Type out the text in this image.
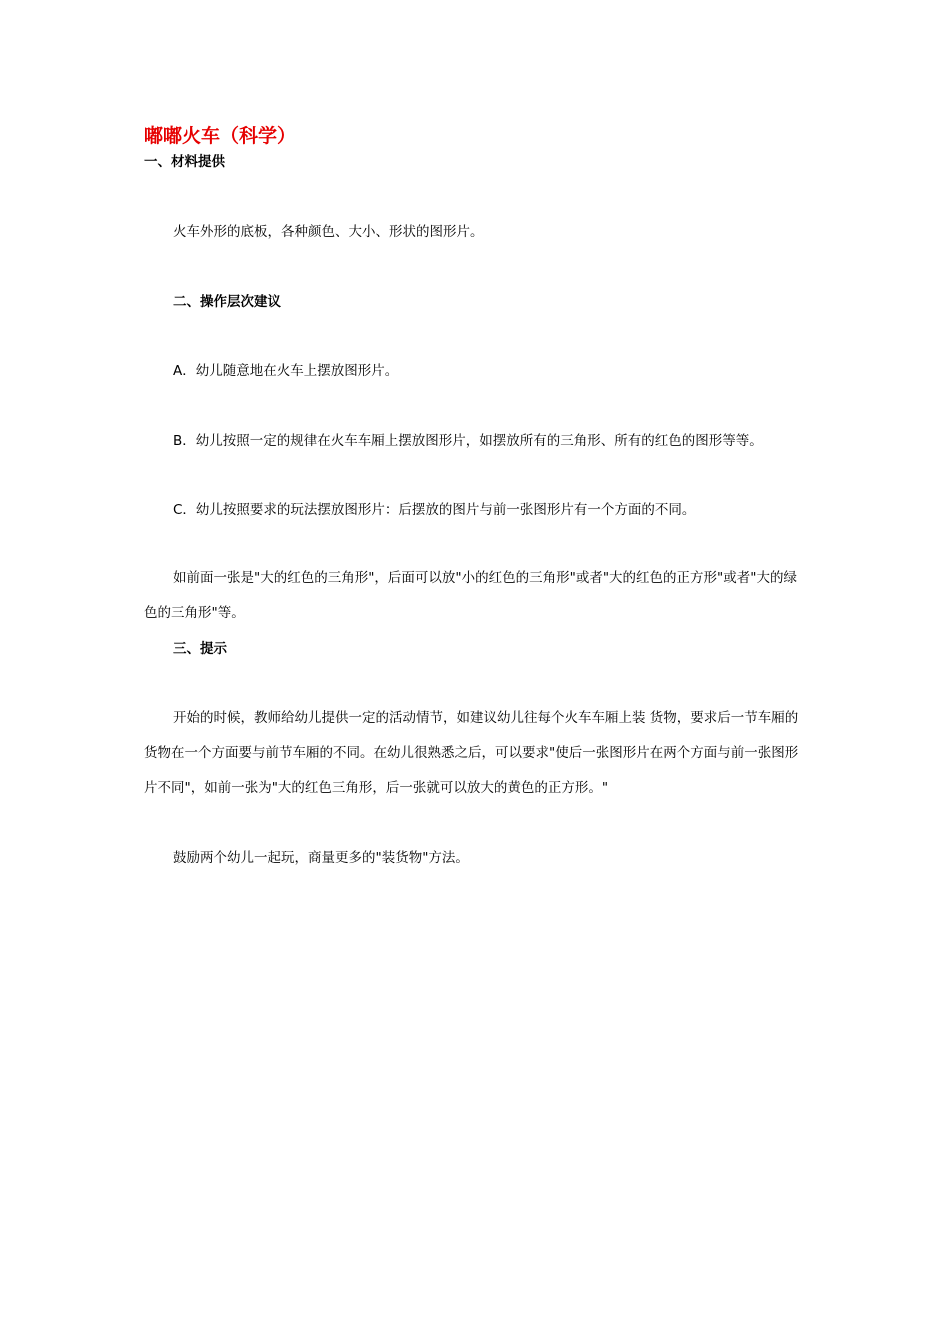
嘟嘟火车（科学）
一、材料提供
火车外形的底板，各种颜色、大小、形状的图形片。
二、操作层次建议
A．幼儿随意地在火车上摆放图形片。
B．幼儿按照一定的规律在火车车厢上摆放图形片，如摆放所有的三角形、所有的红色的图形等等。
C．幼儿按照要求的玩法摆放图形片：后摆放的图片与前一张图形片有一个方面的不同。
如前面一张是"大的红色的三角形"，后面可以放"小的红色的三角形"或者"大的红色的正方形"或者"大的绿色的三角形"等。
三、提示
开始的时候，教师给幼儿提供一定的活动情节，如建议幼儿往每个火车车厢上装 货物，要求后一节车厢的货物在一个方面要与前节车厢的不同。在幼儿很熟悉之后，可以要求"使后一张图形片在两个方面与前一张图形片不同"，如前一张为"大的红色三角形，后一张就可以放大的黄色的正方形。"
鼓励两个幼儿一起玩，商量更多的"装货物"方法。
